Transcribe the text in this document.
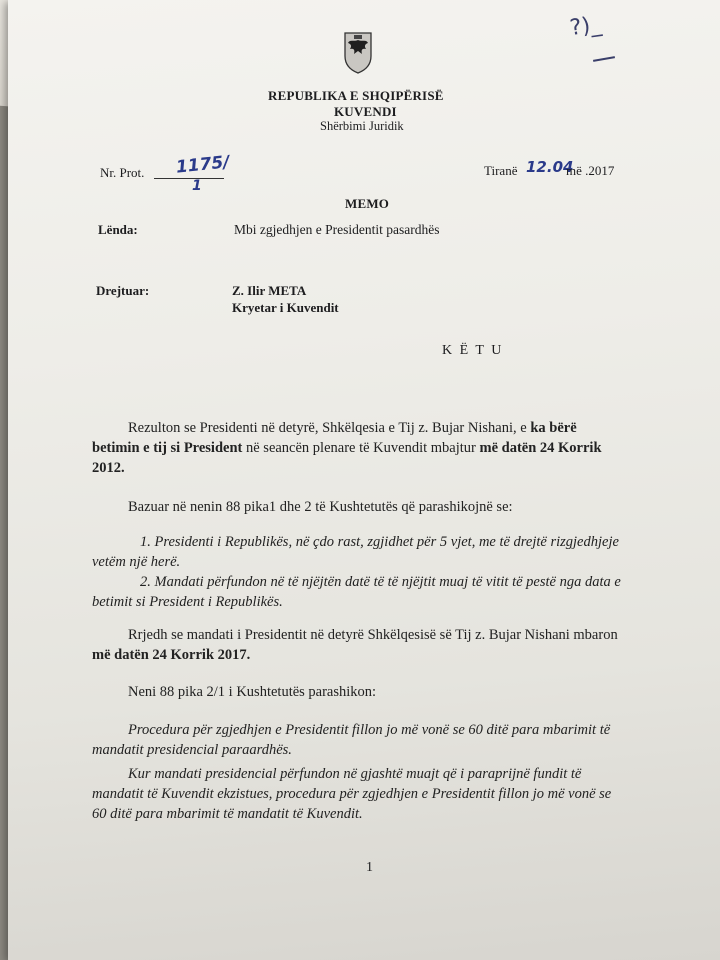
?)_
REPUBLIKA E SHQIPËRISË
KUVENDI
Shërbimi Juridik
Nr. Prot. 1175/
1
Tiranë 12.04
më .2017
MEMO
Lënda:	Mbi zgjedhjen e Presidentit pasardhës
Drejtuar:	Z. Ilir META
Kryetar i Kuvendit
K Ë T U
Rezulton se Presidenti në detyrë, Shkëlqesia e Tij z. Bujar Nishani, e ka bërë betimin e tij si President në seancën plenare të Kuvendit mbajtur më datën 24 Korrik 2012.
Bazuar në nenin 88 pika1 dhe 2 të Kushtetutës që parashikojnë se:
1. Presidenti i Republikës, në çdo rast, zgjidhet për 5 vjet, me të drejtë rizgjedhjeje vetëm një herë.
2. Mandati përfundon në të njëjtën datë të të njëjtit muaj të vitit të pestë nga data e betimit si President i Republikës.
Rrjedh se mandati i Presidentit në detyrë Shkëlqesisë së Tij z. Bujar Nishani mbaron më datën 24 Korrik 2017.
Neni 88 pika 2/1 i Kushtetutës parashikon:
Procedura për zgjedhjen e Presidentit fillon jo më vonë se 60 ditë para mbarimit të mandatit presidencial paraardhës.
Kur mandati presidencial përfundon në gjashtë muajt që i paraprijnë fundit të mandatit të Kuvendit ekzistues, procedura për zgjedhjen e Presidentit fillon jo më vonë se 60 ditë para mbarimit të mandatit të Kuvendit.
1
